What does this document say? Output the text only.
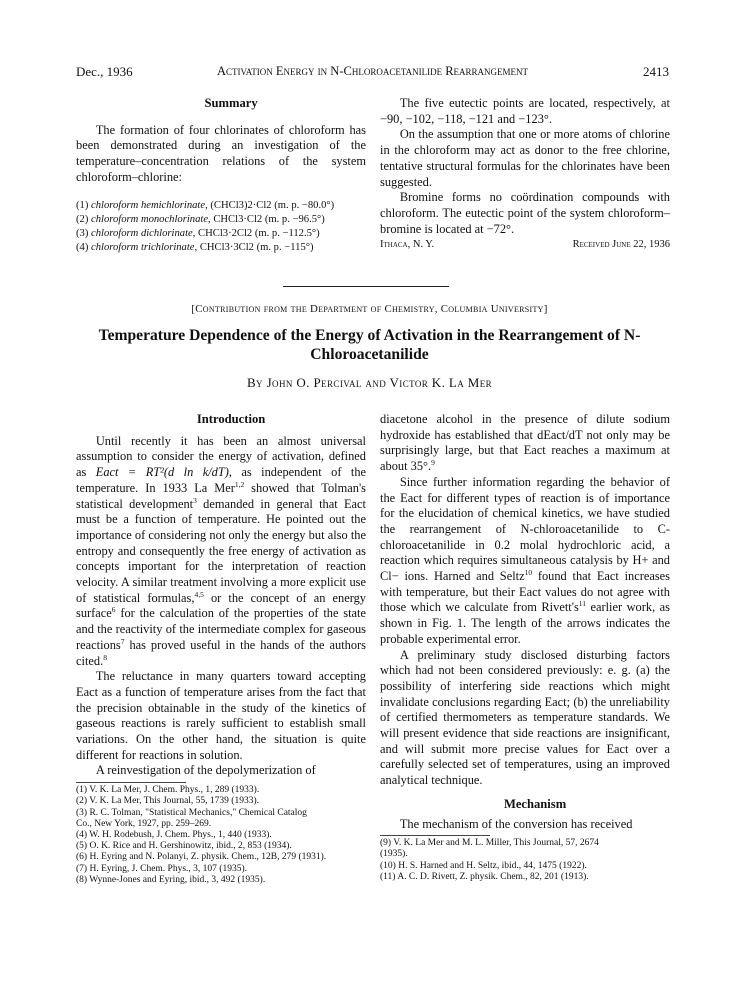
Dec., 1936	Activation Energy in N-Chloroacetanilide Rearrangement	2413

Summary

The formation of four chlorinates of chloroform has been demonstrated during an investigation of the temperature–concentration relations of the system chloroform–chlorine:

(1) chloroform hemichlorinate, (CHCl3)2·Cl2 (m. p. −80.0°)
(2) chloroform monochlorinate, CHCl3·Cl2 (m. p. −96.5°)
(3) chloroform dichlorinate, CHCl3·2Cl2 (m. p. −112.5°)
(4) chloroform trichlorinate, CHCl3·3Cl2 (m. p. −115°)

The five eutectic points are located, respectively, at −90, −102, −118, −121 and −123°.

On the assumption that one or more atoms of chlorine in the chloroform may act as donor to the free chlorine, tentative structural formulas for the chlorinates have been suggested.

Bromine forms no coördination compounds with chloroform. The eutectic point of the system chloroform–bromine is located at −72°.

Ithaca, N. Y.	Received June 22, 1936
[Contribution from the Department of Chemistry, Columbia University]
Temperature Dependence of the Energy of Activation in the Rearrangement of N-Chloroacetanilide
By John O. Percival and Victor K. La Mer

Introduction

Until recently it has been an almost universal assumption to consider the energy of activation, defined as Eact = RT²(d ln k/dT), as independent of the temperature. In 1933 La Mer$^{1,2}$ showed that Tolman's statistical development$^3$ demanded in general that Eact must be a function of temperature. He pointed out the importance of considering not only the energy but also the entropy and consequently the free energy of activation as concepts important for the interpretation of reaction velocity. A similar treatment involving a more explicit use of statistical formulas,$^{4,5}$ or the concept of an energy surface$^6$ for the calculation of the properties of the state and the reactivity of the intermediate complex for gaseous reactions$^7$ has proved useful in the hands of the authors cited.$^8$

The reluctance in many quarters toward accepting Eact as a function of temperature arises from the fact that the precision obtainable in the study of the kinetics of gaseous reactions is rarely sufficient to establish small variations. On the other hand, the situation is quite different for reactions in solution.

A reinvestigation of the depolymerization of

(1) V. K. La Mer, J. Chem. Phys., 1, 289 (1933).
(2) V. K. La Mer, This Journal, 55, 1739 (1933).
(3) R. C. Tolman, "Statistical Mechanics," Chemical Catalog
Co., New York, 1927, pp. 259–269.
(4) W. H. Rodebush, J. Chem. Phys., 1, 440 (1933).
(5) O. K. Rice and H. Gershinowitz, ibid., 2, 853 (1934).
(6) H. Eyring and N. Polanyi, Z. physik. Chem., 12B, 279 (1931).
(7) H. Eyring, J. Chem. Phys., 3, 107 (1935).
(8) Wynne-Jones and Eyring, ibid., 3, 492 (1935).

diacetone alcohol in the presence of dilute sodium hydroxide has established that dEact/dT not only may be surprisingly large, but that Eact reaches a maximum at about 35°.$^9$

Since further information regarding the behavior of the Eact for different types of reaction is of importance for the elucidation of chemical kinetics, we have studied the rearrangement of N-chloroacetanilide to C-chloroacetanilide in 0.2 molal hydrochloric acid, a reaction which requires simultaneous catalysis by H+ and Cl− ions. Harned and Seltz$^{10}$ found that Eact increases with temperature, but their Eact values do not agree with those which we calculate from $Rivett's^{11}$ earlier work, as shown in Fig. 1. The length of the arrows indicates the probable experimental error.

A preliminary study disclosed disturbing factors which had not been considered previously: e. g. (a) the possibility of interfering side reactions which might invalidate conclusions regarding Eact; (b) the unreliability of certified thermometers as temperature standards. We will present evidence that side reactions are insignificant, and will submit more precise values for Eact over a carefully selected set of temperatures, using an improved analytical technique.

Mechanism

The mechanism of the conversion has received

(9) V. K. La Mer and M. L. Miller, This Journal, 57, 2674
(1935).
(10) H. S. Harned and H. Seltz, ibid., 44, 1475 (1922).
(11) A. C. D. Rivett, Z. physik. Chem., 82, 201 (1913).
